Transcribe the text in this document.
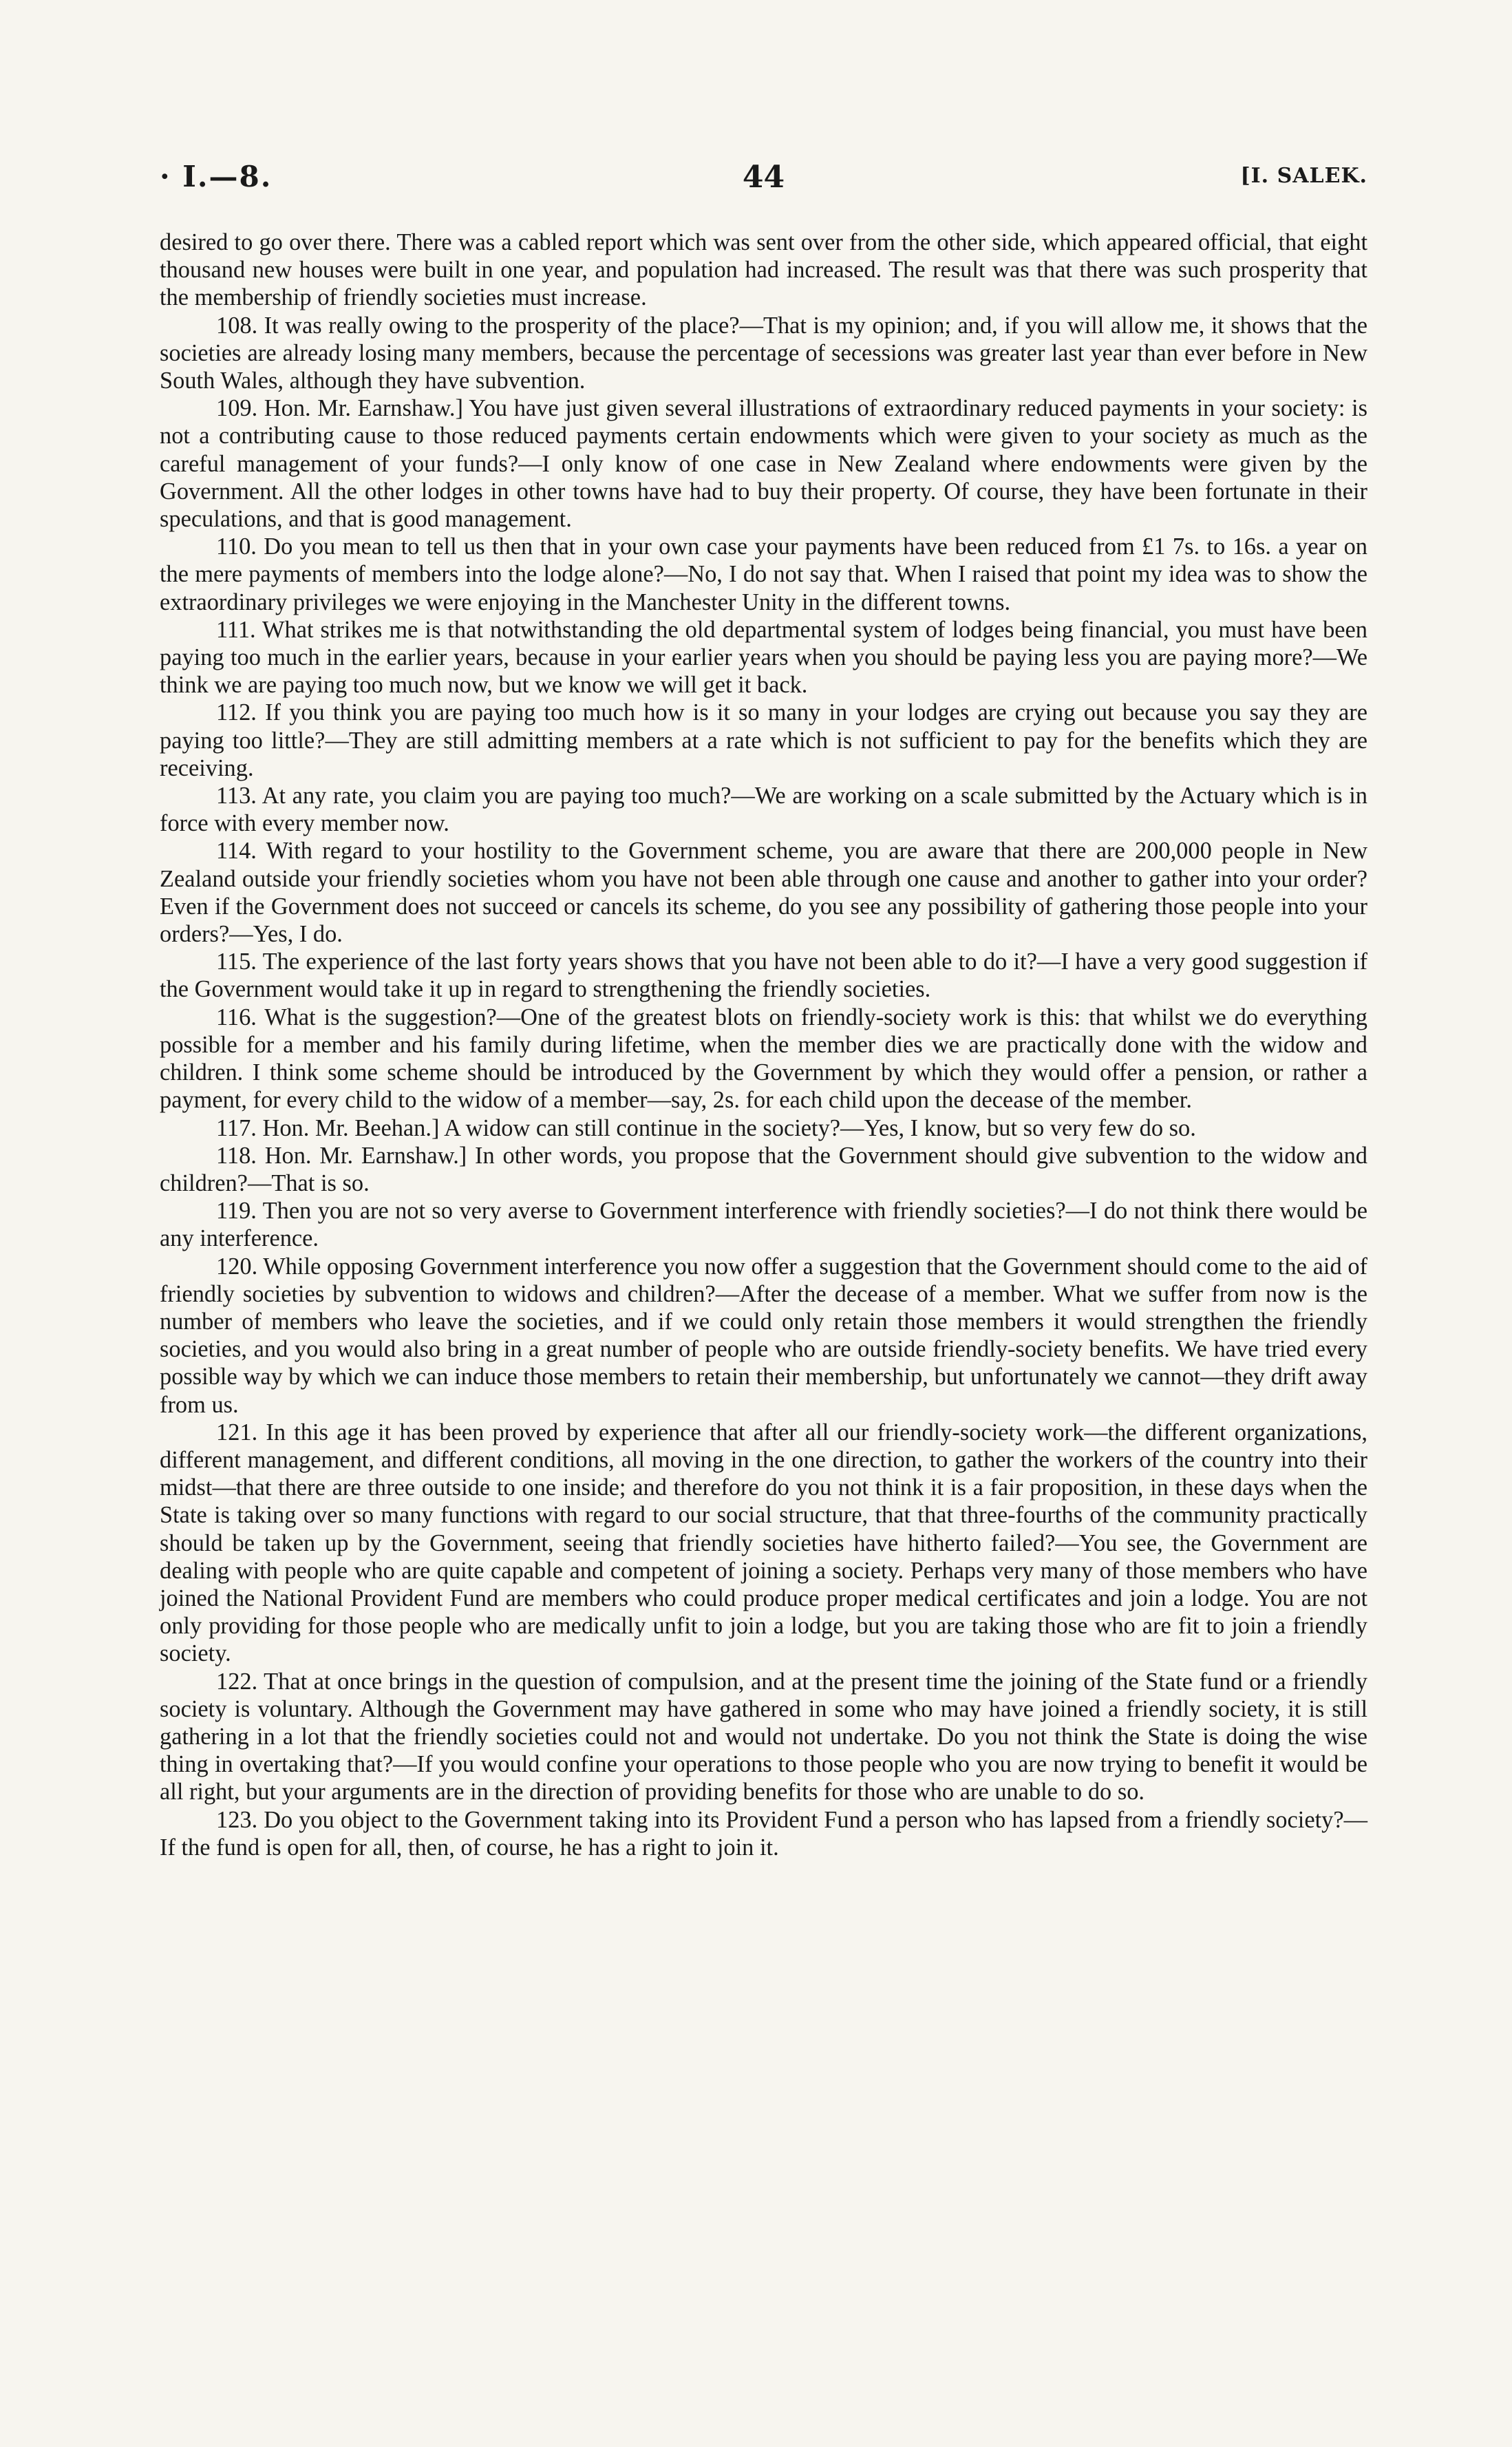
· I.—8.	44	[I. SALEK.

desired to go over there. There was a cabled report which was sent over from the other side, which appeared official, that eight thousand new houses were built in one year, and population had increased. The result was that there was such prosperity that the membership of friendly societies must increase.

108. It was really owing to the prosperity of the place?—That is my opinion; and, if you will allow me, it shows that the societies are already losing many members, because the percentage of secessions was greater last year than ever before in New South Wales, although they have subvention.

109. Hon. Mr. Earnshaw.] You have just given several illustrations of extraordinary reduced payments in your society: is not a contributing cause to those reduced payments certain endowments which were given to your society as much as the careful management of your funds?—I only know of one case in New Zealand where endowments were given by the Government. All the other lodges in other towns have had to buy their property. Of course, they have been fortunate in their speculations, and that is good management.

110. Do you mean to tell us then that in your own case your payments have been reduced from £1 7s. to 16s. a year on the mere payments of members into the lodge alone?—No, I do not say that. When I raised that point my idea was to show the extraordinary privileges we were enjoying in the Manchester Unity in the different towns.

111. What strikes me is that notwithstanding the old departmental system of lodges being financial, you must have been paying too much in the earlier years, because in your earlier years when you should be paying less you are paying more?—We think we are paying too much now, but we know we will get it back.

112. If you think you are paying too much how is it so many in your lodges are crying out because you say they are paying too little?—They are still admitting members at a rate which is not sufficient to pay for the benefits which they are receiving.

113. At any rate, you claim you are paying too much?—We are working on a scale submitted by the Actuary which is in force with every member now.

114. With regard to your hostility to the Government scheme, you are aware that there are 200,000 people in New Zealand outside your friendly societies whom you have not been able through one cause and another to gather into your order? Even if the Government does not succeed or cancels its scheme, do you see any possibility of gathering those people into your orders?—Yes, I do.

115. The experience of the last forty years shows that you have not been able to do it?—I have a very good suggestion if the Government would take it up in regard to strengthening the friendly societies.

116. What is the suggestion?—One of the greatest blots on friendly-society work is this: that whilst we do everything possible for a member and his family during lifetime, when the member dies we are practically done with the widow and children. I think some scheme should be introduced by the Government by which they would offer a pension, or rather a payment, for every child to the widow of a member—say, 2s. for each child upon the decease of the member.

117. Hon. Mr. Beehan.] A widow can still continue in the society?—Yes, I know, but so very few do so.

118. Hon. Mr. Earnshaw.] In other words, you propose that the Government should give subvention to the widow and children?—That is so.

119. Then you are not so very averse to Government interference with friendly societies?—I do not think there would be any interference.

120. While opposing Government interference you now offer a suggestion that the Government should come to the aid of friendly societies by subvention to widows and children?—After the decease of a member. What we suffer from now is the number of members who leave the societies, and if we could only retain those members it would strengthen the friendly societies, and you would also bring in a great number of people who are outside friendly-society benefits. We have tried every possible way by which we can induce those members to retain their membership, but unfortunately we cannot—they drift away from us.

121. In this age it has been proved by experience that after all our friendly-society work—the different organizations, different management, and different conditions, all moving in the one direction, to gather the workers of the country into their midst—that there are three outside to one inside; and therefore do you not think it is a fair proposition, in these days when the State is taking over so many functions with regard to our social structure, that that three-fourths of the community practically should be taken up by the Government, seeing that friendly societies have hitherto failed?—You see, the Government are dealing with people who are quite capable and competent of joining a society. Perhaps very many of those members who have joined the National Provident Fund are members who could produce proper medical certificates and join a lodge. You are not only providing for those people who are medically unfit to join a lodge, but you are taking those who are fit to join a friendly society.

122. That at once brings in the question of compulsion, and at the present time the joining of the State fund or a friendly society is voluntary. Although the Government may have gathered in some who may have joined a friendly society, it is still gathering in a lot that the friendly societies could not and would not undertake. Do you not think the State is doing the wise thing in overtaking that?—If you would confine your operations to those people who you are now trying to benefit it would be all right, but your arguments are in the direction of providing benefits for those who are unable to do so.

123. Do you object to the Government taking into its Provident Fund a person who has lapsed from a friendly society?—If the fund is open for all, then, of course, he has a right to join it.
